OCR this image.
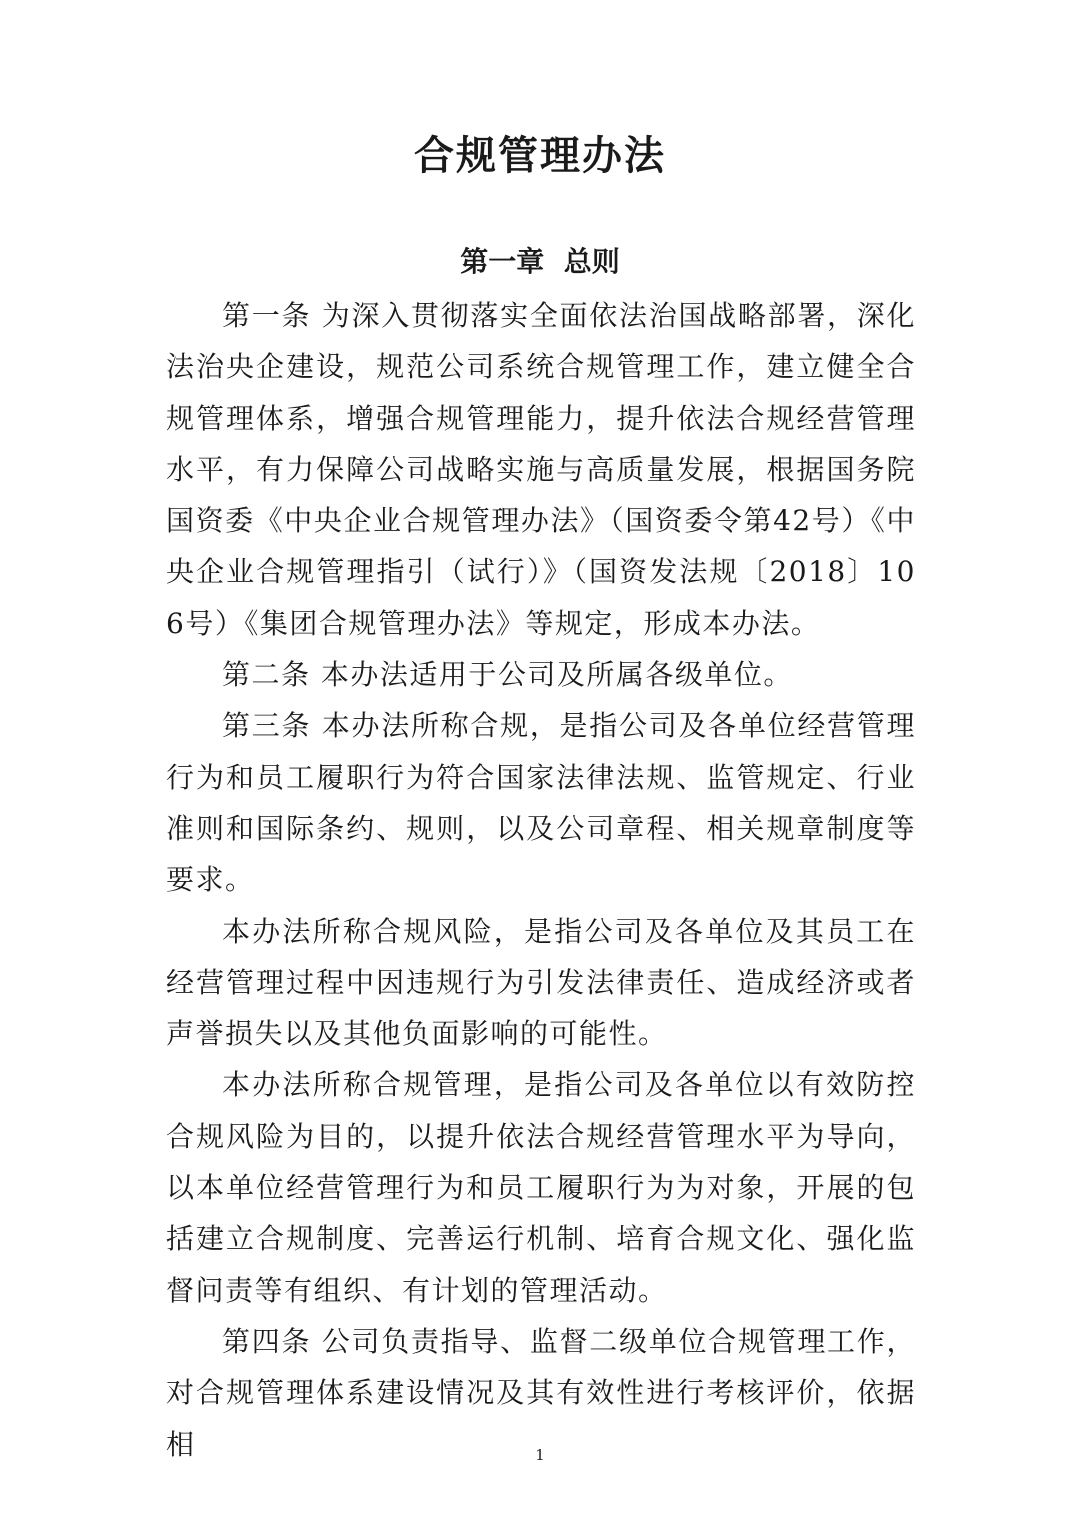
合规管理办法
第一章  总则

第一条 为深入贯彻落实全面依法治国战略部署，深化法治央企建设，规范公司系统合规管理工作，建立健全合规管理体系，增强合规管理能力，提升依法合规经营管理水平，有力保障公司战略实施与高质量发展，根据国务院国资委《中央企业合规管理办法》（国资委令第42号）《中央企业合规管理指引（试行）》（国资发法规〔2018〕106号）《集团合规管理办法》等规定，形成本办法。

第二条 本办法适用于公司及所属各级单位。

第三条 本办法所称合规，是指公司及各单位经营管理行为和员工履职行为符合国家法律法规、监管规定、行业准则和国际条约、规则，以及公司章程、相关规章制度等要求。

本办法所称合规风险，是指公司及各单位及其员工在经营管理过程中因违规行为引发法律责任、造成经济或者声誉损失以及其他负面影响的可能性。

本办法所称合规管理，是指公司及各单位以有效防控合规风险为目的，以提升依法合规经营管理水平为导向，以本单位经营管理行为和员工履职行为为对象，开展的包括建立合规制度、完善运行机制、培育合规文化、强化监督问责等有组织、有计划的管理活动。

第四条 公司负责指导、监督二级单位合规管理工作，对合规管理体系建设情况及其有效性进行考核评价，依据相	1
